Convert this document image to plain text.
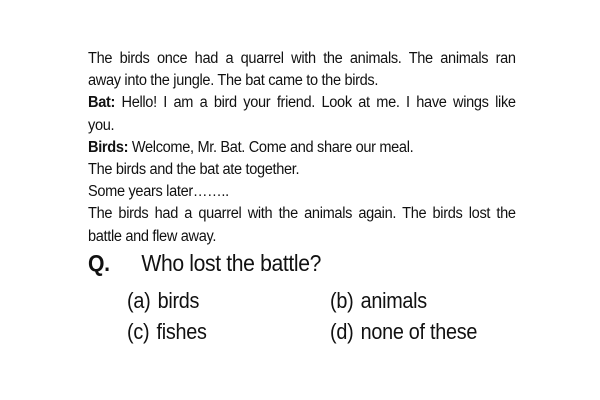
The birds once had a quarrel with the animals. The animals ran
away into the jungle. The bat came to the birds.
Bat: Hello! I am a bird your friend. Look at me. I have wings like
you.
Birds: Welcome, Mr. Bat. Come and share our meal.
The birds and the bat ate together.
Some years later……..
The birds had a quarrel with the animals again. The birds lost the
battle and flew away.
Q. Who lost the battle?
(a) birds	(b) animals
(c) fishes	(d) none of these
